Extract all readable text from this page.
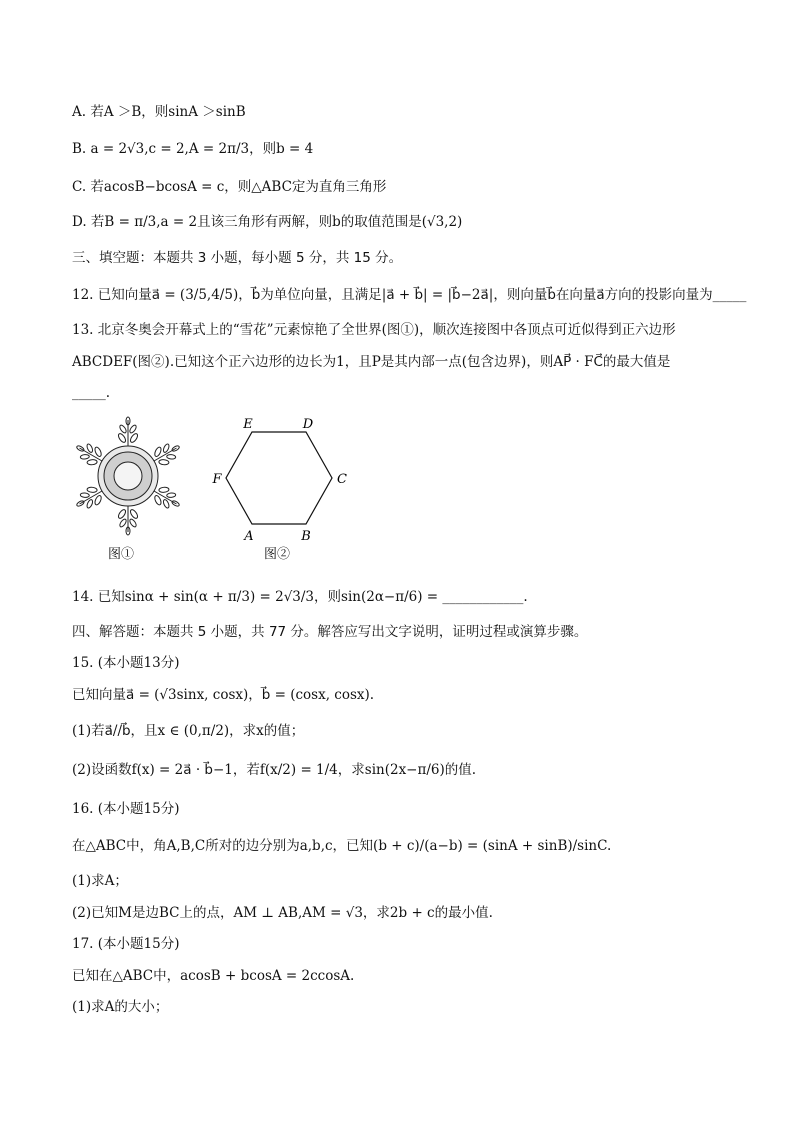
A. 若A ＞B，则sinA ＞sinB
B. a = 2√3,c = 2,A = 2π/3，则b = 4
C. 若acosB−bcosA = c，则△ABC定为直角三角形
D. 若B = π/3,a = 2且该三角形有两解，则b的取值范围是(√3,2)
三、填空题：本题共 3 小题，每小题 5 分，共 15 分。
12. 已知向量a⃗ = (3/5,4/5)，b⃗为单位向量，且满足|a⃗ + b⃗| = |b⃗−2a⃗|，则向量b⃗在向量a⃗方向的投影向量为_____
13. 北京冬奥会开幕式上的“雪花”元素惊艳了全世界(图①)，顺次连接图中各顶点可近似得到正六边形
ABCDEF(图②).已知这个正六边形的边长为1，且P是其内部一点(包含边界)，则AP⃗ · FC⃗的最大值是
_____.
图①
E	D
C
F
A	B
图②
14. 已知sinα + sin(α + π/3) = 2√3/3，则sin(2α−π/6) = ____________.
四、解答题：本题共 5 小题，共 77 分。解答应写出文字说明，证明过程或演算步骤。
15. (本小题13分)
已知向量a⃗ = (√3sinx, cosx)，b⃗ = (cosx, cosx).
(1)若a⃗//b⃗，且x ∈ (0,π/2)，求x的值；
(2)设函数f(x) = 2a⃗ · b⃗−1，若f(x/2) = 1/4，求sin(2x−π/6)的值.
16. (本小题15分)
在△ABC中，角A,B,C所对的边分别为a,b,c，已知(b + c)/(a−b) = (sinA + sinB)/sinC.
(1)求A；
(2)已知M是边BC上的点，AM ⊥ AB,AM = √3，求2b + c的最小值.
17. (本小题15分)
已知在△ABC中，acosB + bcosA = 2ccosA.
(1)求A的大小；
